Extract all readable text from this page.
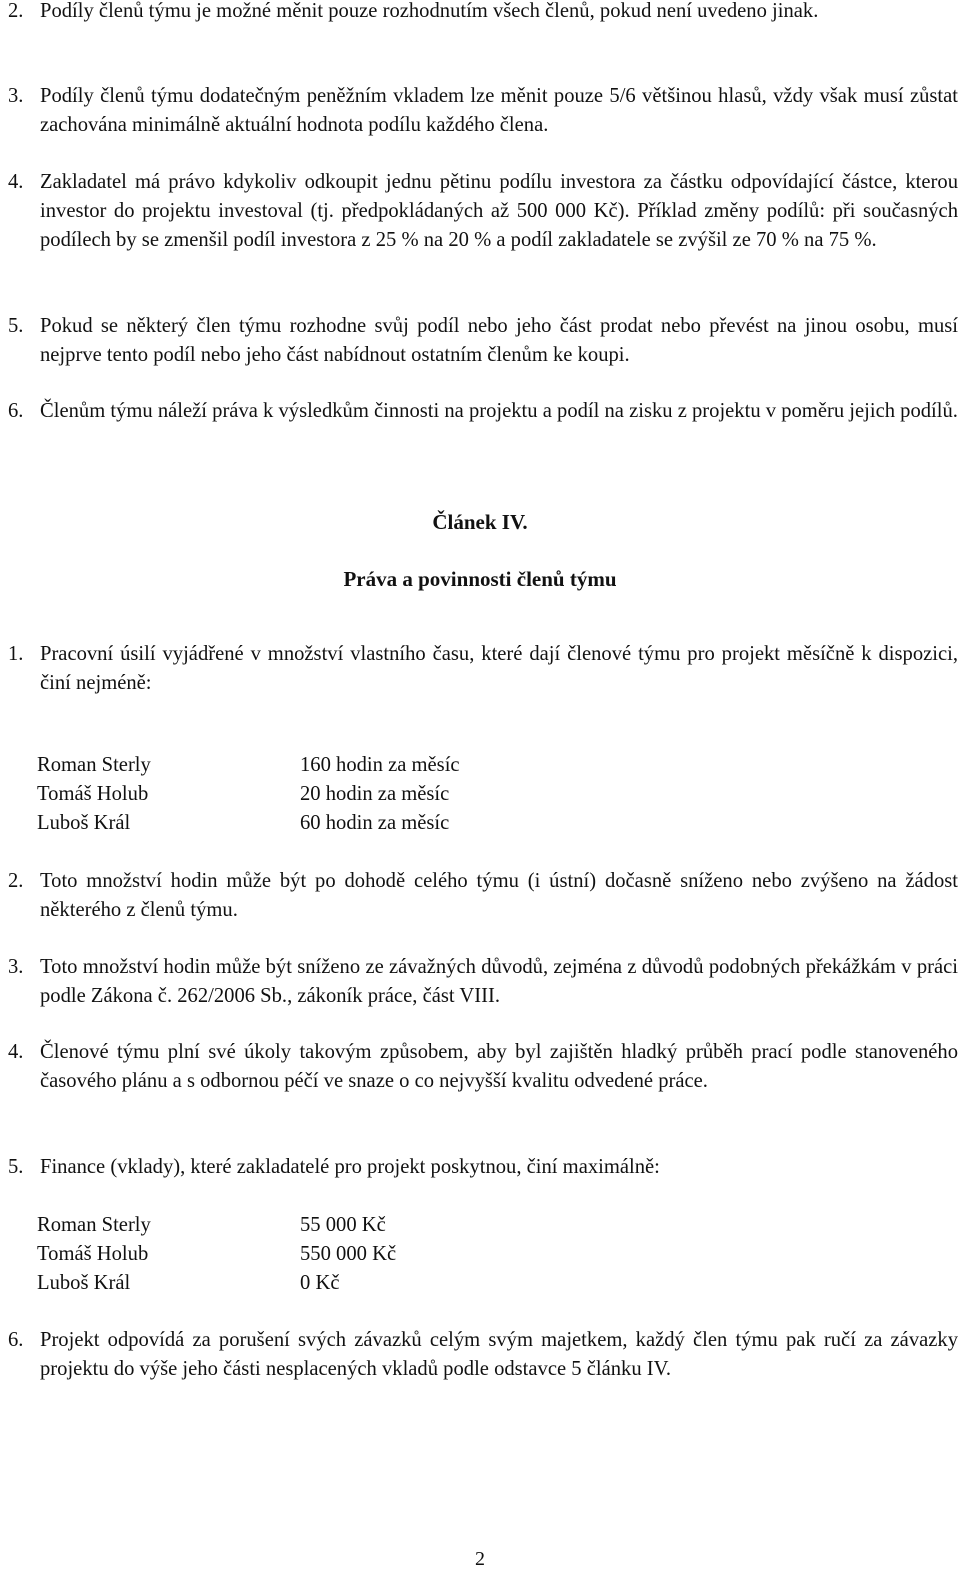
2. Podíly členů týmu je možné měnit pouze rozhodnutím všech členů, pokud není uvedeno jinak.
3. Podíly členů týmu dodatečným peněžním vkladem lze měnit pouze 5/6 většinou hlasů, vždy však musí zůstat zachována minimálně aktuální hodnota podílu každého člena.
4. Zakladatel má právo kdykoliv odkoupit jednu pětinu podílu investora za částku odpovídající částce, kterou investor do projektu investoval (tj. předpokládaných až 500 000 Kč). Příklad změny podílů: při současných podílech by se zmenšil podíl investora z 25 % na 20 % a podíl zakladatele se zvýšil ze 70 % na 75 %.
5. Pokud se některý člen týmu rozhodne svůj podíl nebo jeho část prodat nebo převést na jinou osobu, musí nejprve tento podíl nebo jeho část nabídnout ostatním členům ke koupi.
6. Členům týmu náleží práva k výsledkům činnosti na projektu a podíl na zisku z projektu v poměru jejich podílů.
Článek IV.
Práva a povinnosti členů týmu
1. Pracovní úsilí vyjádřené v množství vlastního času, které dají členové týmu pro projekt měsíčně k dispozici, činí nejméně:
Roman Sterly	160 hodin za měsíc
Tomáš Holub	20 hodin za měsíc
Luboš Král	60 hodin za měsíc
2. Toto množství hodin může být po dohodě celého týmu (i ústní) dočasně sníženo nebo zvýšeno na žádost některého z členů týmu.
3. Toto množství hodin může být sníženo ze závažných důvodů, zejména z důvodů podobných překážkám v práci podle Zákona č. 262/2006 Sb., zákoník práce, část VIII.
4. Členové týmu plní své úkoly takovým způsobem, aby byl zajištěn hladký průběh prací podle stanoveného časového plánu a s odbornou péčí ve snaze o co nejvyšší kvalitu odvedené práce.
5. Finance (vklady), které zakladatelé pro projekt poskytnou, činí maximálně:
Roman Sterly	55 000 Kč
Tomáš Holub	550 000 Kč
Luboš Král	0 Kč
6. Projekt odpovídá za porušení svých závazků celým svým majetkem, každý člen týmu pak ručí za závazky projektu do výše jeho části nesplacených vkladů podle odstavce 5 článku IV.
2
